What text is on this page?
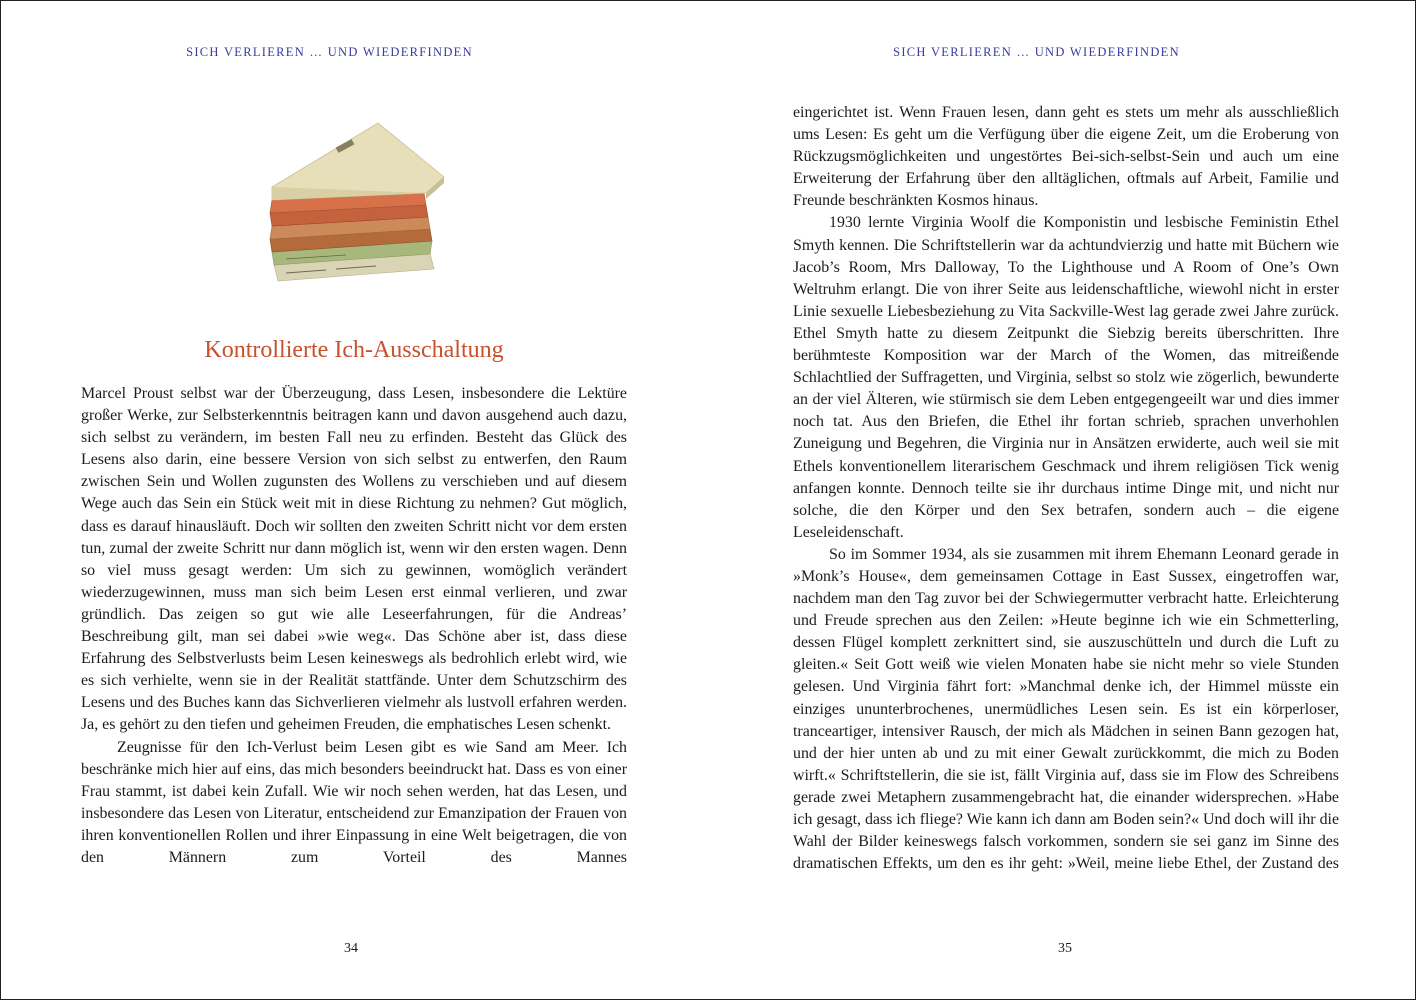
SICH VERLIEREN … UND WIEDERFINDEN
Kontrollierte Ich-Ausschaltung

Marcel Proust selbst war der Überzeugung, dass Lesen, insbesondere die Lektüre großer Werke, zur Selbsterkenntnis beitragen kann und davon ausgehend auch dazu, sich selbst zu verändern, im besten Fall neu zu erfinden. Besteht das Glück des Lesens also darin, eine bessere Version von sich selbst zu entwerfen, den Raum zwischen Sein und Wollen zugunsten des Wollens zu verschieben und auf diesem Wege auch das Sein ein Stück weit mit in diese Richtung zu nehmen? Gut möglich, dass es darauf hinausläuft. Doch wir sollten den zweiten Schritt nicht vor dem ersten tun, zumal der zweite Schritt nur dann möglich ist, wenn wir den ersten wagen. Denn so viel muss gesagt werden: Um sich zu gewinnen, womöglich verändert wiederzugewinnen, muss man sich beim Lesen erst einmal verlieren, und zwar gründlich. Das zeigen so gut wie alle Leseerfahrungen, für die Andreas’ Beschreibung gilt, man sei dabei »wie weg«. Das Schöne aber ist, dass diese Erfahrung des Selbstverlusts beim Lesen keineswegs als bedrohlich erlebt wird, wie es sich verhielte, wenn sie in der Realität stattfände. Unter dem Schutzschirm des Lesens und des Buches kann das Sichverlieren vielmehr als lustvoll erfahren werden. Ja, es gehört zu den tiefen und geheimen Freuden, die emphatisches Lesen schenkt.

Zeugnisse für den Ich-Verlust beim Lesen gibt es wie Sand am Meer. Ich beschränke mich hier auf eins, das mich besonders beeindruckt hat. Dass es von einer Frau stammt, ist dabei kein Zufall. Wie wir noch sehen werden, hat das Lesen, und insbesondere das Lesen von Literatur, entscheidend zur Emanzipation der Frauen von ihren konventionellen Rollen und ihrer Einpassung in eine Welt beigetragen, die von den Männern zum Vorteil des Mannes

34
SICH VERLIEREN … UND WIEDERFINDEN

eingerichtet ist. Wenn Frauen lesen, dann geht es stets um mehr als ausschließlich ums Lesen: Es geht um die Verfügung über die eigene Zeit, um die Eroberung von Rückzugsmöglichkeiten und ungestörtes Bei-sich-selbst-Sein und auch um eine Erweiterung der Erfahrung über den alltäglichen, oftmals auf Arbeit, Familie und Freunde beschränkten Kosmos hinaus.

1930 lernte Virginia Woolf die Komponistin und lesbische Feministin Ethel Smyth kennen. Die Schriftstellerin war da achtundvierzig und hatte mit Büchern wie Jacob’s Room, Mrs Dalloway, To the Lighthouse und A Room of One’s Own Weltruhm erlangt. Die von ihrer Seite aus leidenschaftliche, wiewohl nicht in erster Linie sexuelle Liebesbeziehung zu Vita Sackville-West lag gerade zwei Jahre zurück. Ethel Smyth hatte zu diesem Zeitpunkt die Siebzig bereits überschritten. Ihre berühmteste Komposition war der March of the Women, das mitreißende Schlachtlied der Suffragetten, und Virginia, selbst so stolz wie zögerlich, bewunderte an der viel Älteren, wie stürmisch sie dem Leben entgegengeeilt war und dies immer noch tat. Aus den Briefen, die Ethel ihr fortan schrieb, sprachen unverhohlen Zuneigung und Begehren, die Virginia nur in Ansätzen erwiderte, auch weil sie mit Ethels konventionellem literarischem Geschmack und ihrem religiösen Tick wenig anfangen konnte. Dennoch teilte sie ihr durchaus intime Dinge mit, und nicht nur solche, die den Körper und den Sex betrafen, sondern auch – die eigene Leseleidenschaft.

So im Sommer 1934, als sie zusammen mit ihrem Ehemann Leonard gerade in »Monk’s House«, dem gemeinsamen Cottage in East Sussex, eingetroffen war, nachdem man den Tag zuvor bei der Schwiegermutter verbracht hatte. Erleichterung und Freude sprechen aus den Zeilen: »Heute beginne ich wie ein Schmetterling, dessen Flügel komplett zerknittert sind, sie auszuschütteln und durch die Luft zu gleiten.« Seit Gott weiß wie vielen Monaten habe sie nicht mehr so viele Stunden gelesen. Und Virginia fährt fort: »Manchmal denke ich, der Himmel müsste ein einziges ununterbrochenes, unermüdliches Lesen sein. Es ist ein körperloser, tranceartiger, intensiver Rausch, der mich als Mädchen in seinen Bann gezogen hat, und der hier unten ab und zu mit einer Gewalt zurückkommt, die mich zu Boden wirft.« Schriftstellerin, die sie ist, fällt Virginia auf, dass sie im Flow des Schreibens gerade zwei Metaphern zusammengebracht hat, die einander widersprechen. »Habe ich gesagt, dass ich fliege? Wie kann ich dann am Boden sein?« Und doch will ihr die Wahl der Bilder keineswegs falsch vorkommen, sondern sie sei ganz im Sinne des dramatischen Effekts, um den es ihr geht: »Weil, meine liebe Ethel, der Zustand des

35
